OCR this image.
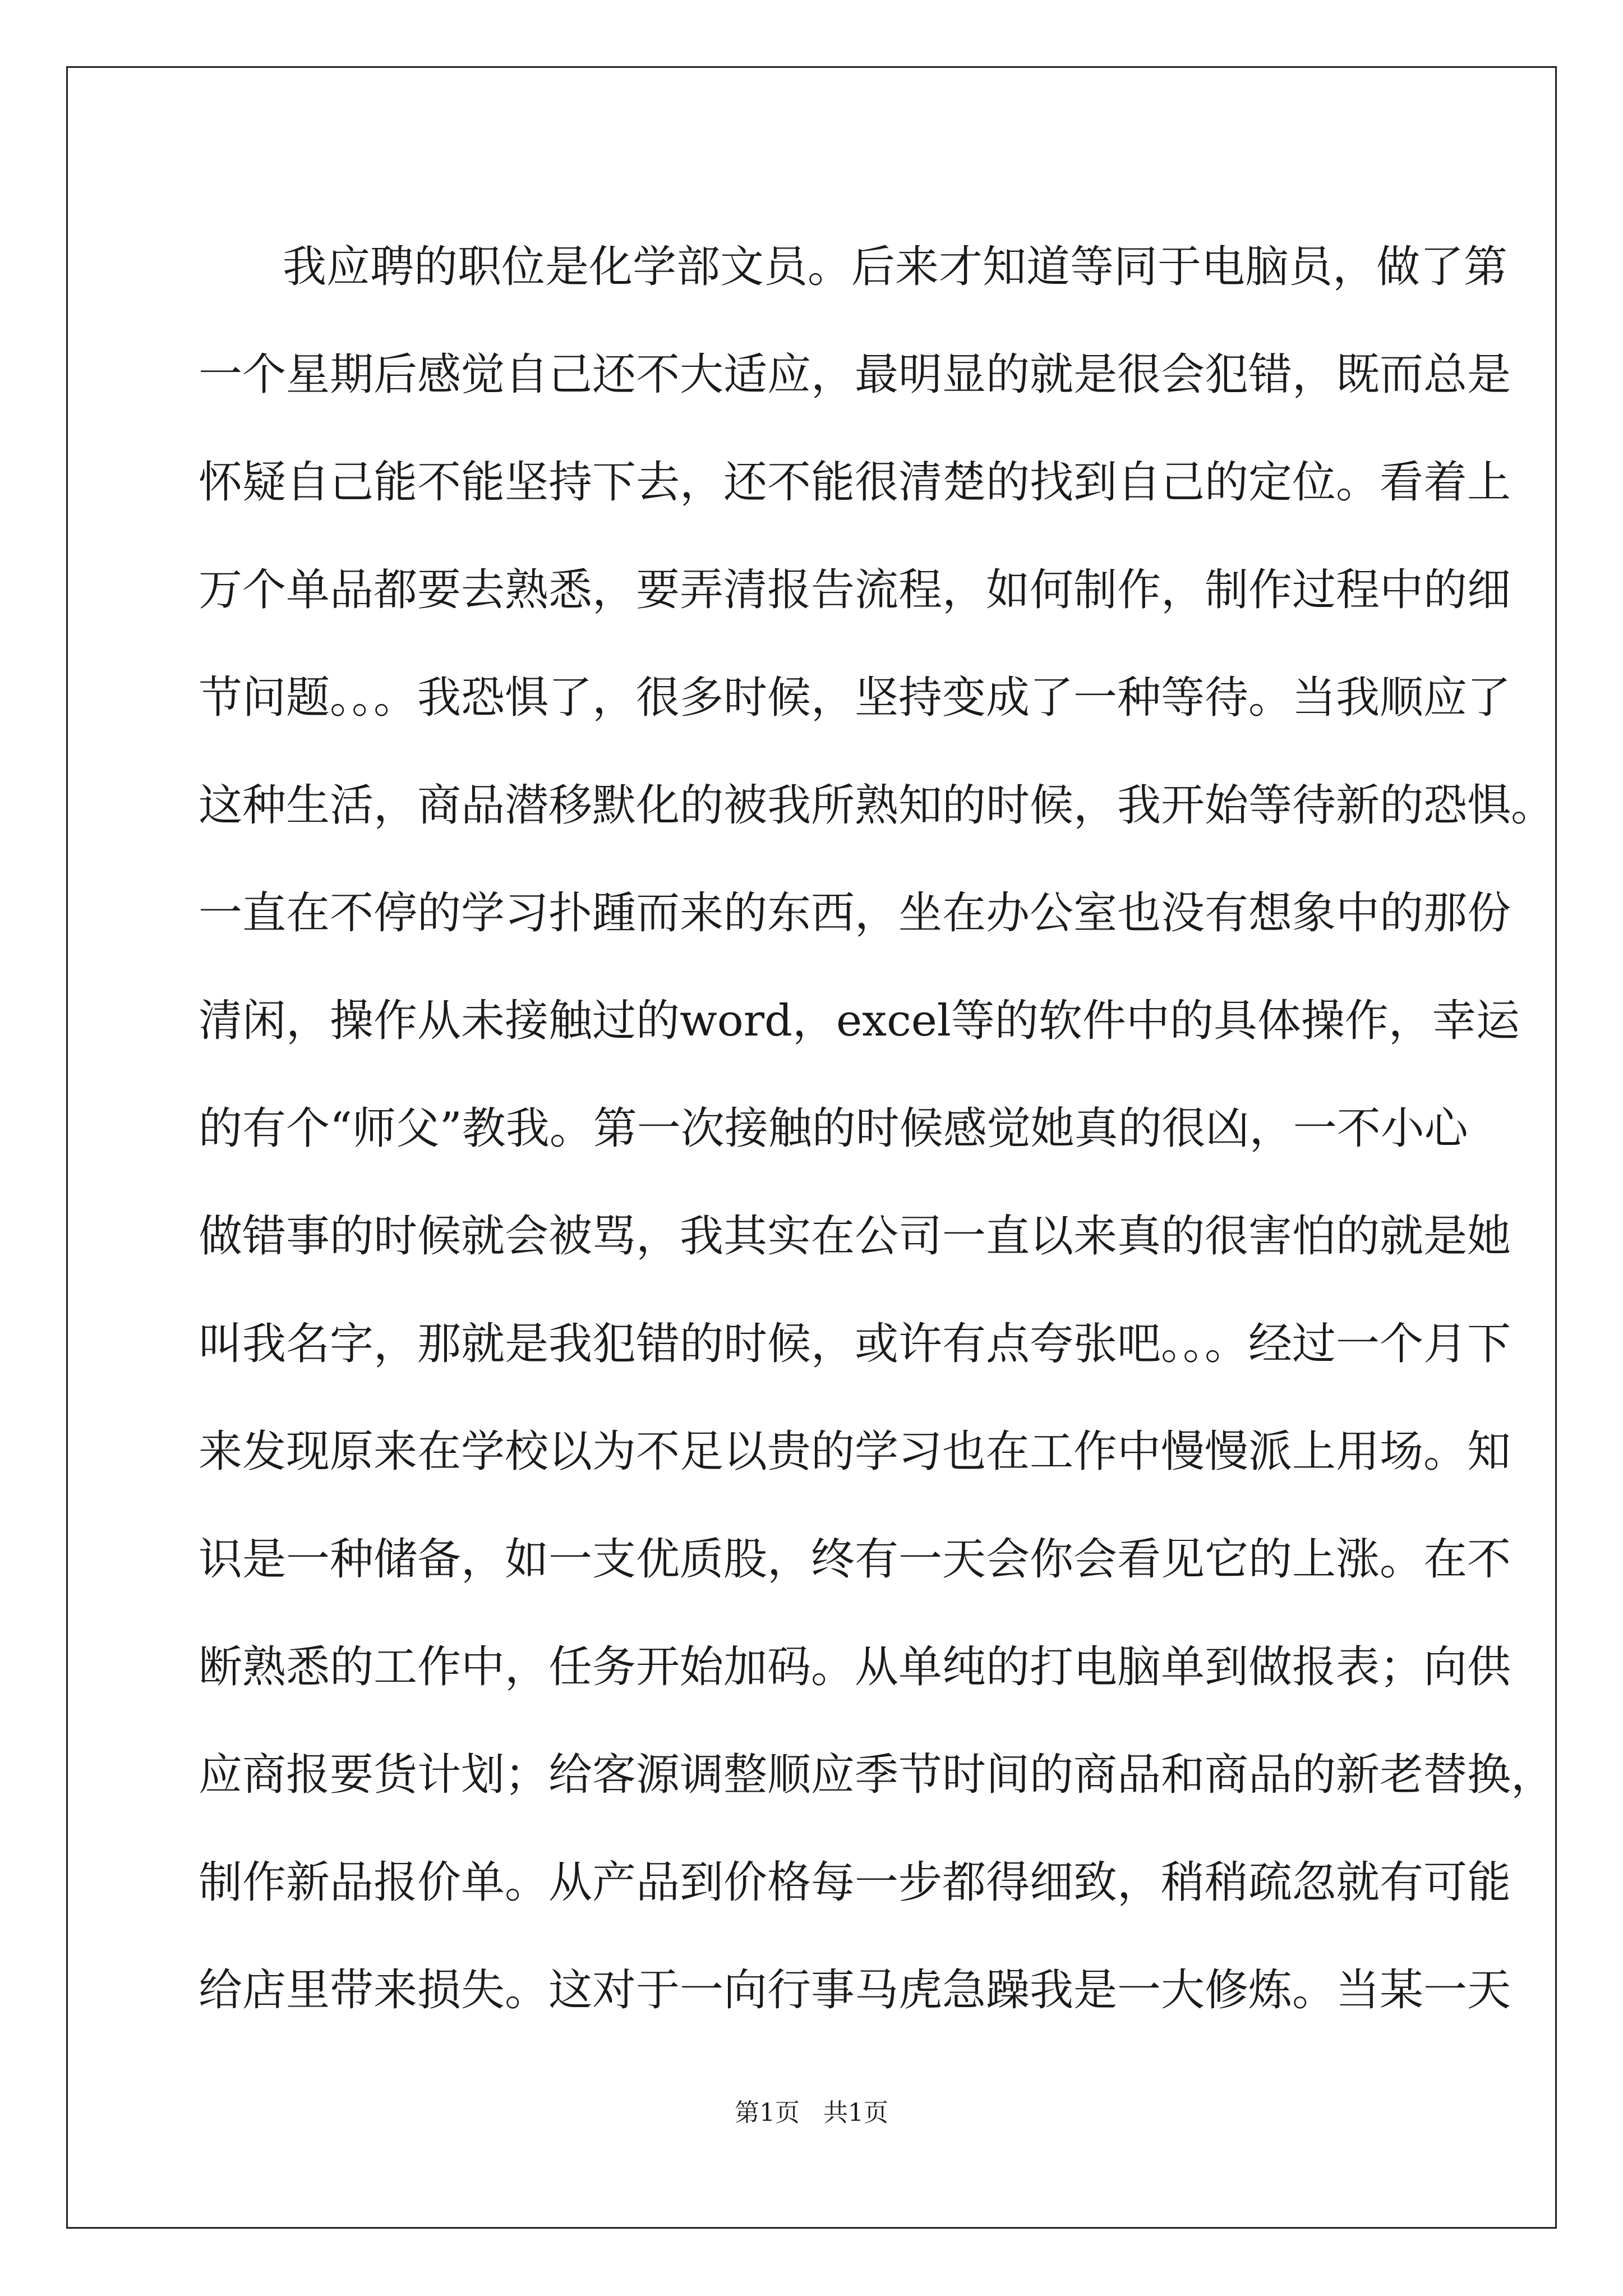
我应聘的职位是化学部文员。后来才知道等同于电脑员，做了第
一个星期后感觉自己还不大适应，最明显的就是很会犯错，既而总是
怀疑自己能不能坚持下去，还不能很清楚的找到自己的定位。看着上
万个单品都要去熟悉，要弄清报告流程，如何制作，制作过程中的细
节问题。。。我恐惧了，很多时候，坚持变成了一种等待。当我顺应了
这种生活，商品潜移默化的被我所熟知的时候，我开始等待新的恐惧。
一直在不停的学习扑踵而来的东西，坐在办公室也没有想象中的那份
清闲，操作从未接触过的word，excel等的软件中的具体操作，幸运
的有个“师父”教我。第一次接触的时候感觉她真的很凶，一不小心
做错事的时候就会被骂，我其实在公司一直以来真的很害怕的就是她
叫我名字，那就是我犯错的时候，或许有点夸张吧。。。经过一个月下
来发现原来在学校以为不足以贵的学习也在工作中慢慢派上用场。知
识是一种储备，如一支优质股，终有一天会你会看见它的上涨。在不
断熟悉的工作中，任务开始加码。从单纯的打电脑单到做报表；向供
应商报要货计划；给客源调整顺应季节时间的商品和商品的新老替换，
制作新品报价单。从产品到价格每一步都得细致，稍稍疏忽就有可能
给店里带来损失。这对于一向行事马虎急躁我是一大修炼。当某一天
第1页 共1页
